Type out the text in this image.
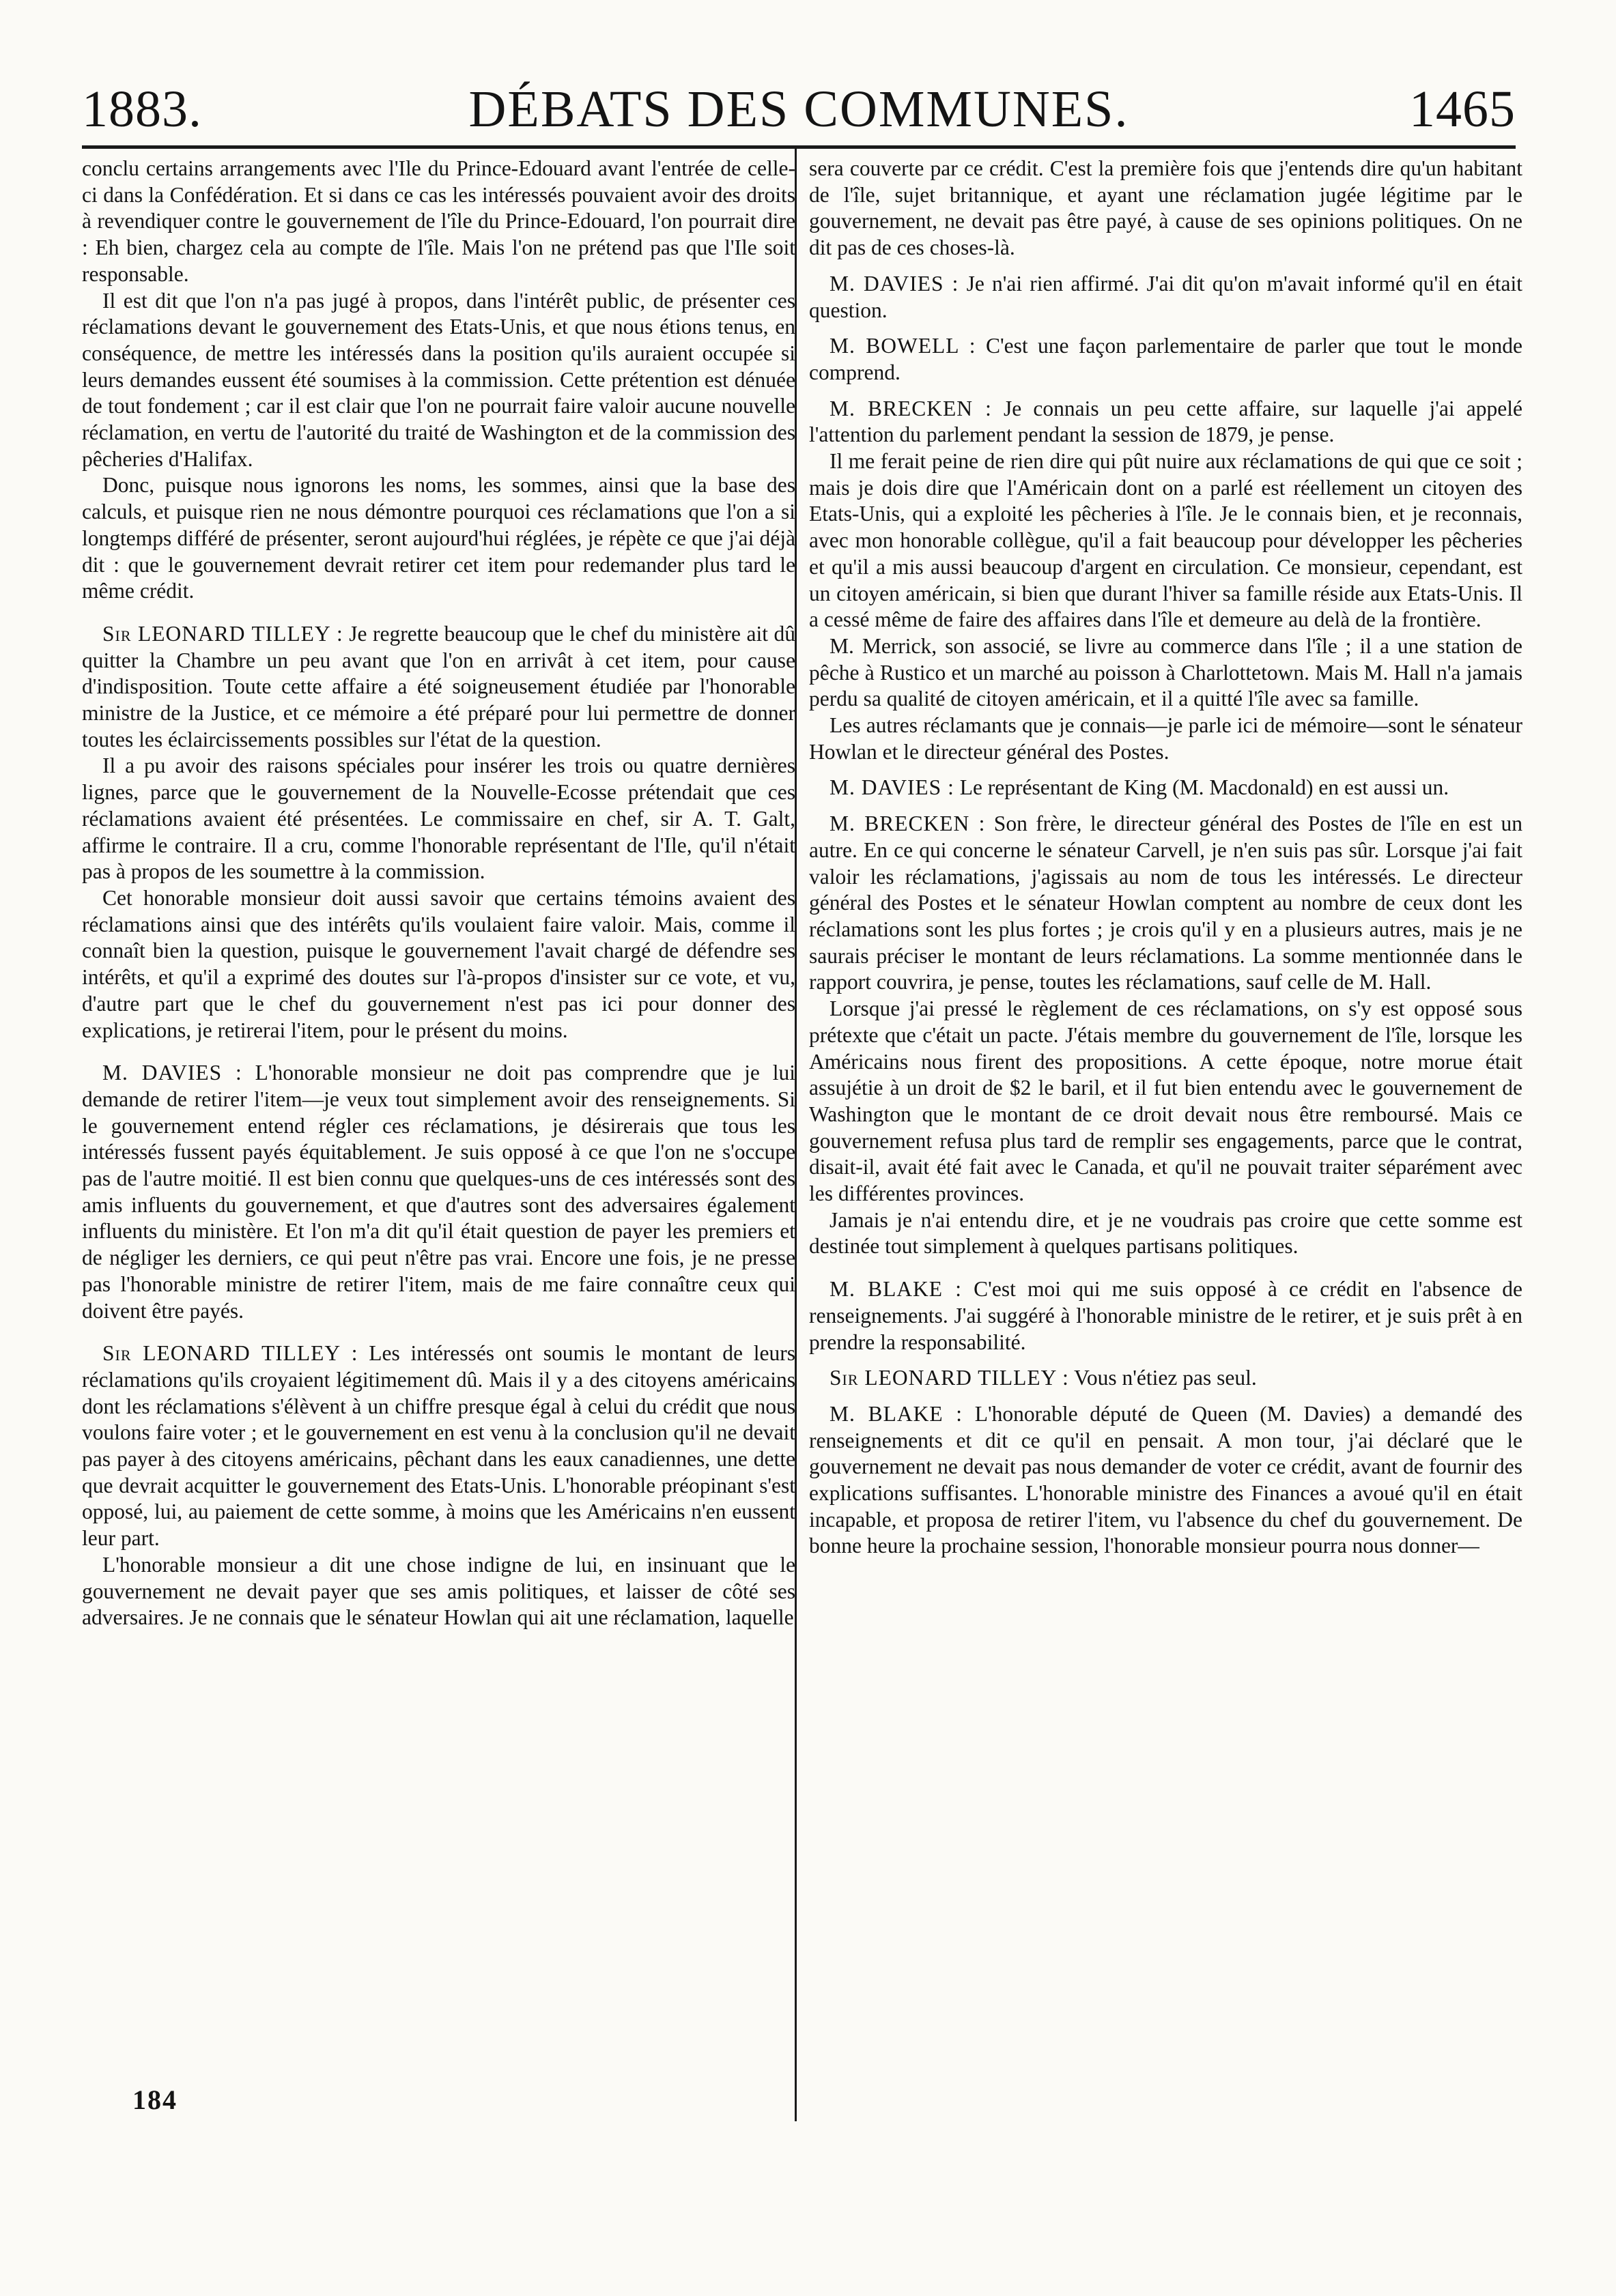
1883.	DÉBATS DES COMMUNES.	1465

conclu certains arrangements avec l'Ile du Prince-Edouard avant l'entrée de celle-ci dans la Confédération. Et si dans ce cas les intéressés pouvaient avoir des droits à revendiquer contre le gouvernement de l'île du Prince-Edouard, l'on pourrait dire : Eh bien, chargez cela au compte de l'île. Mais l'on ne prétend pas que l'Ile soit responsable.

Il est dit que l'on n'a pas jugé à propos, dans l'intérêt public, de présenter ces réclamations devant le gouvernement des Etats-Unis, et que nous étions tenus, en conséquence, de mettre les intéressés dans la position qu'ils auraient occupée si leurs demandes eussent été soumises à la commission. Cette prétention est dénuée de tout fondement ; car il est clair que l'on ne pourrait faire valoir aucune nouvelle réclamation, en vertu de l'autorité du traité de Washington et de la commission des pêcheries d'Halifax.

Donc, puisque nous ignorons les noms, les sommes, ainsi que la base des calculs, et puisque rien ne nous démontre pourquoi ces réclamations que l'on a si longtemps différé de présenter, seront aujourd'hui réglées, je répète ce que j'ai déjà dit : que le gouvernement devrait retirer cet item pour redemander plus tard le même crédit.

Sir LEONARD TILLEY : Je regrette beaucoup que le chef du ministère ait dû quitter la Chambre un peu avant que l'on en arrivât à cet item, pour cause d'indisposition. Toute cette affaire a été soigneusement étudiée par l'honorable ministre de la Justice, et ce mémoire a été préparé pour lui permettre de donner toutes les éclaircissements possibles sur l'état de la question.

Il a pu avoir des raisons spéciales pour insérer les trois ou quatre dernières lignes, parce que le gouvernement de la Nouvelle-Ecosse prétendait que ces réclamations avaient été présentées. Le commissaire en chef, sir A. T. Galt, affirme le contraire. Il a cru, comme l'honorable représentant de l'Ile, qu'il n'était pas à propos de les soumettre à la commission.

Cet honorable monsieur doit aussi savoir que certains témoins avaient des réclamations ainsi que des intérêts qu'ils voulaient faire valoir. Mais, comme il connaît bien la question, puisque le gouvernement l'avait chargé de défendre ses intérêts, et qu'il a exprimé des doutes sur l'à-propos d'insister sur ce vote, et vu, d'autre part que le chef du gouvernement n'est pas ici pour donner des explications, je retirerai l'item, pour le présent du moins.

M. DAVIES : L'honorable monsieur ne doit pas comprendre que je lui demande de retirer l'item—je veux tout simplement avoir des renseignements. Si le gouvernement entend régler ces réclamations, je désirerais que tous les intéressés fussent payés équitablement. Je suis opposé à ce que l'on ne s'occupe pas de l'autre moitié. Il est bien connu que quelques-uns de ces intéressés sont des amis influents du gouvernement, et que d'autres sont des adversaires également influents du ministère. Et l'on m'a dit qu'il était question de payer les premiers et de négliger les derniers, ce qui peut n'être pas vrai. Encore une fois, je ne presse pas l'honorable ministre de retirer l'item, mais de me faire connaître ceux qui doivent être payés.

Sir LEONARD TILLEY : Les intéressés ont soumis le montant de leurs réclamations qu'ils croyaient légitimement dû. Mais il y a des citoyens américains dont les réclamations s'élèvent à un chiffre presque égal à celui du crédit que nous voulons faire voter ; et le gouvernement en est venu à la conclusion qu'il ne devait pas payer à des citoyens américains, pêchant dans les eaux canadiennes, une dette que devrait acquitter le gouvernement des Etats-Unis. L'honorable préopinant s'est opposé, lui, au paiement de cette somme, à moins que les Américains n'en eussent leur part.

L'honorable monsieur a dit une chose indigne de lui, en insinuant que le gouvernement ne devait payer que ses amis politiques, et laisser de côté ses adversaires. Je ne connais que le sénateur Howlan qui ait une réclamation, laquelle

sera couverte par ce crédit. C'est la première fois que j'entends dire qu'un habitant de l'île, sujet britannique, et ayant une réclamation jugée légitime par le gouvernement, ne devait pas être payé, à cause de ses opinions politiques. On ne dit pas de ces choses-là.

M. DAVIES : Je n'ai rien affirmé. J'ai dit qu'on m'avait informé qu'il en était question.

M. BOWELL : C'est une façon parlementaire de parler que tout le monde comprend.

M. BRECKEN : Je connais un peu cette affaire, sur laquelle j'ai appelé l'attention du parlement pendant la session de 1879, je pense.

Il me ferait peine de rien dire qui pût nuire aux réclamations de qui que ce soit ; mais je dois dire que l'Américain dont on a parlé est réellement un citoyen des Etats-Unis, qui a exploité les pêcheries à l'île. Je le connais bien, et je reconnais, avec mon honorable collègue, qu'il a fait beaucoup pour développer les pêcheries et qu'il a mis aussi beaucoup d'argent en circulation. Ce monsieur, cependant, est un citoyen américain, si bien que durant l'hiver sa famille réside aux Etats-Unis. Il a cessé même de faire des affaires dans l'île et demeure au delà de la frontière.

M. Merrick, son associé, se livre au commerce dans l'île ; il a une station de pêche à Rustico et un marché au poisson à Charlottetown. Mais M. Hall n'a jamais perdu sa qualité de citoyen américain, et il a quitté l'île avec sa famille.

Les autres réclamants que je connais—je parle ici de mémoire—sont le sénateur Howlan et le directeur général des Postes.

M. DAVIES : Le représentant de King (M. Macdonald) en est aussi un.

M. BRECKEN : Son frère, le directeur général des Postes de l'île en est un autre. En ce qui concerne le sénateur Carvell, je n'en suis pas sûr. Lorsque j'ai fait valoir les réclamations, j'agissais au nom de tous les intéressés. Le directeur général des Postes et le sénateur Howlan comptent au nombre de ceux dont les réclamations sont les plus fortes ; je crois qu'il y en a plusieurs autres, mais je ne saurais préciser le montant de leurs réclamations. La somme mentionnée dans le rapport couvrira, je pense, toutes les réclamations, sauf celle de M. Hall.

Lorsque j'ai pressé le règlement de ces réclamations, on s'y est opposé sous prétexte que c'était un pacte. J'étais membre du gouvernement de l'île, lorsque les Américains nous firent des propositions. A cette époque, notre morue était assujétie à un droit de $2 le baril, et il fut bien entendu avec le gouvernement de Washington que le montant de ce droit devait nous être remboursé. Mais ce gouvernement refusa plus tard de remplir ses engagements, parce que le contrat, disait-il, avait été fait avec le Canada, et qu'il ne pouvait traiter séparément avec les différentes provinces.

Jamais je n'ai entendu dire, et je ne voudrais pas croire que cette somme est destinée tout simplement à quelques partisans politiques.

M. BLAKE : C'est moi qui me suis opposé à ce crédit en l'absence de renseignements. J'ai suggéré à l'honorable ministre de le retirer, et je suis prêt à en prendre la responsabilité.

Sir LEONARD TILLEY : Vous n'étiez pas seul.

M. BLAKE : L'honorable député de Queen (M. Davies) a demandé des renseignements et dit ce qu'il en pensait. A mon tour, j'ai déclaré que le gouvernement ne devait pas nous demander de voter ce crédit, avant de fournir des explications suffisantes. L'honorable ministre des Finances a avoué qu'il en était incapable, et proposa de retirer l'item, vu l'absence du chef du gouvernement. De bonne heure la prochaine session, l'honorable monsieur pourra nous donner—

184
